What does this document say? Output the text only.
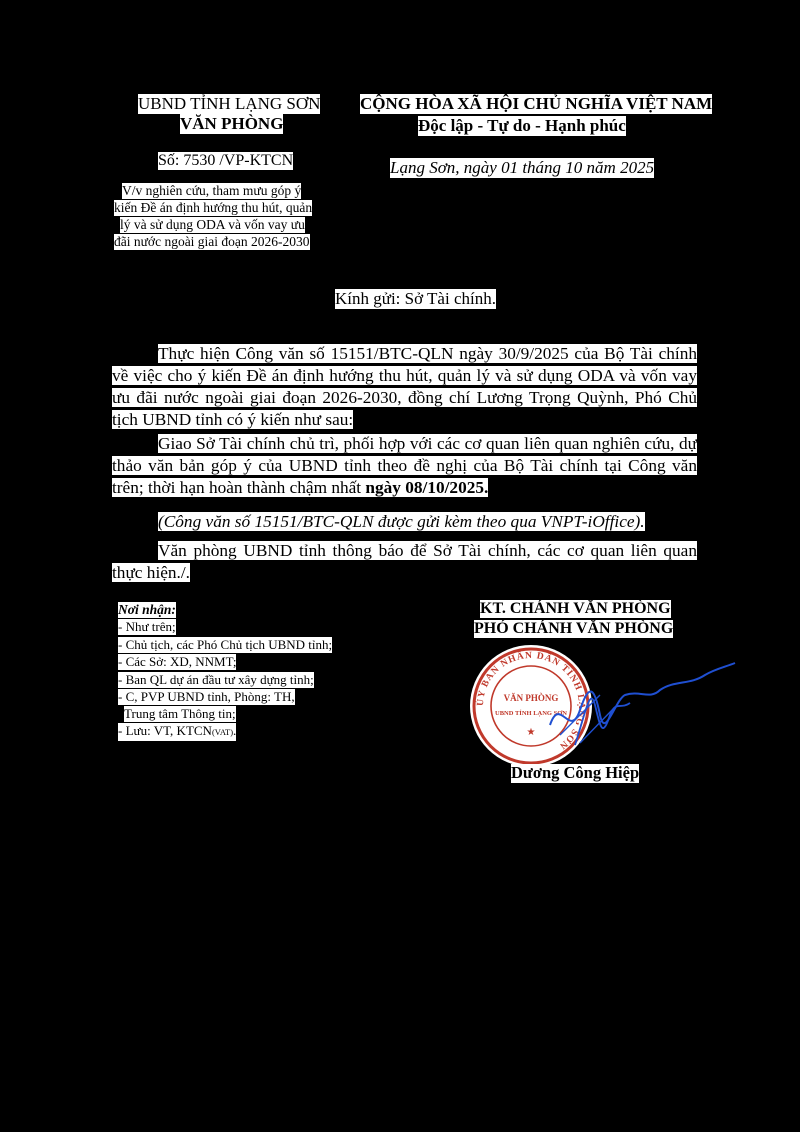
UBND TỈNH LẠNG SƠN
VĂN PHÒNG
CỘNG HÒA XÃ HỘI CHỦ NGHĨA VIỆT NAM
Độc lập - Tự do - Hạnh phúc
Số: 7530 /VP-KTCN	Lạng Sơn, ngày 01 tháng 10 năm 2025
V/v nghiên cứu, tham mưu góp ý
kiến Đề án định hướng thu hút, quản
lý và sử dụng ODA và vốn vay ưu
đãi nước ngoài giai đoạn 2026-2030
Kính gửi: Sở Tài chính.
Thực hiện Công văn số 15151/BTC-QLN ngày 30/9/2025 của Bộ Tài chính về việc cho ý kiến Đề án định hướng thu hút, quản lý và sử dụng ODA và vốn vay ưu đãi nước ngoài giai đoạn 2026-2030, đồng chí Lương Trọng Quỳnh, Phó Chủ tịch UBND tỉnh có ý kiến như sau:
Giao Sở Tài chính chủ trì, phối hợp với các cơ quan liên quan nghiên cứu, dự thảo văn bản góp ý của UBND tỉnh theo đề nghị của Bộ Tài chính tại Công văn trên; thời hạn hoàn thành chậm nhất ngày 08/10/2025.
(Công văn số 15151/BTC-QLN được gửi kèm theo qua VNPT-iOffice).
Văn phòng UBND tỉnh thông báo để Sở Tài chính, các cơ quan liên quan thực hiện./.
Nơi nhận:
- Như trên;
- Chủ tịch, các Phó Chủ tịch UBND tỉnh;
- Các Sở: XD, NNMT;
- Ban QL dự án đầu tư xây dựng tỉnh;
- C, PVP UBND tỉnh, Phòng: TH,
Trung tâm Thông tin;
- Lưu: VT, KTCN(VAT).
KT. CHÁNH VĂN PHÒNG
PHÓ CHÁNH VĂN PHÒNG
ỦY BAN NHÂN DÂN TỈNH LẠNG SƠN
VĂN PHÒNG
UBND TỈNH LẠNG SƠN
★
Dương Công Hiệp
